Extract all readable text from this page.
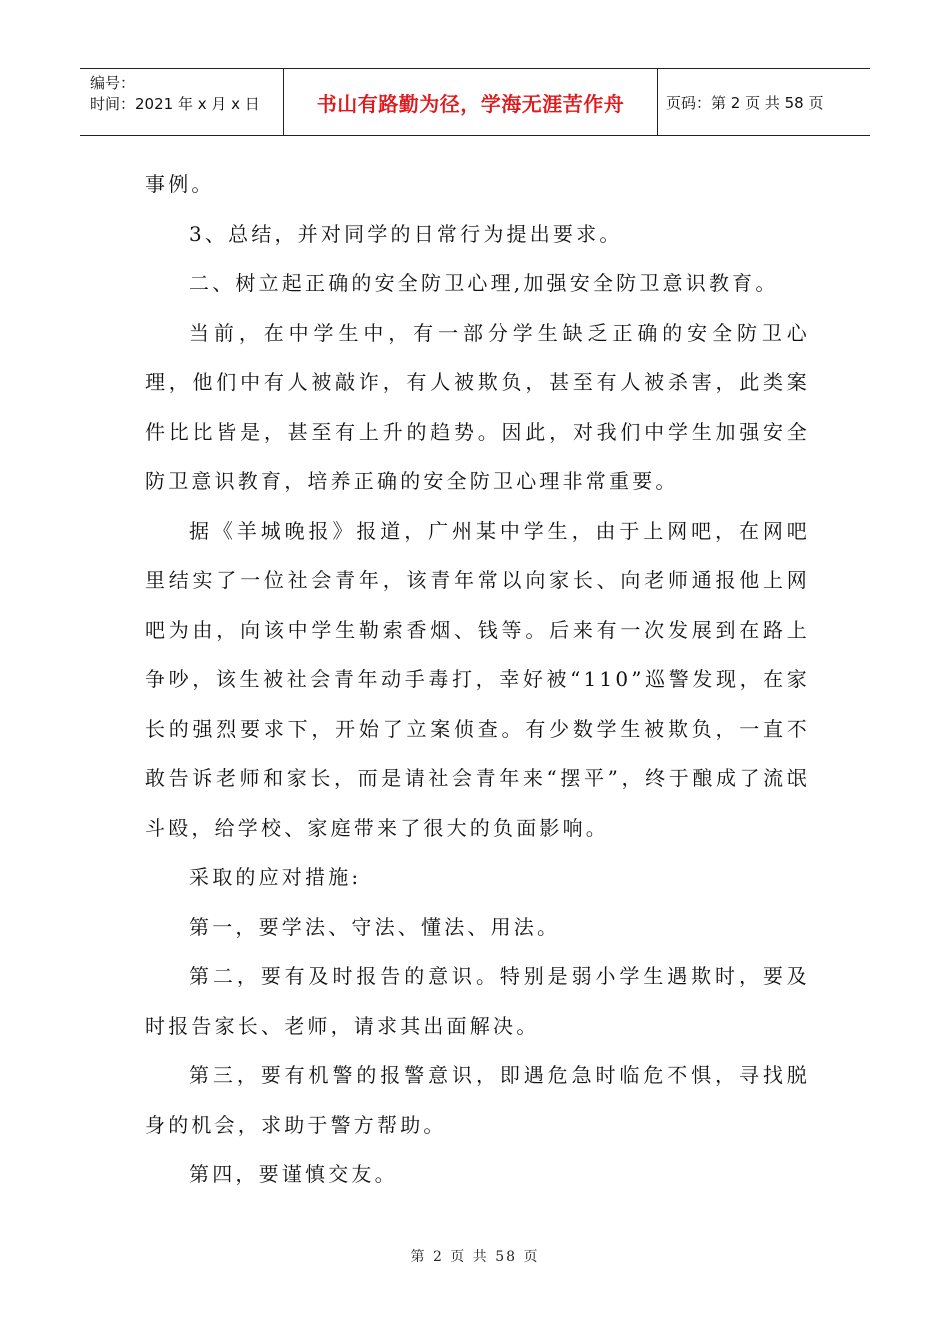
编号：
时间：2021 年 x 月 x 日	书山有路勤为径，学海无涯苦作舟	页码：第 2 页 共 58 页

事例。

3、总结，并对同学的日常行为提出要求。

二、树立起正确的安全防卫心理,加强安全防卫意识教育。

当前，在中学生中，有一部分学生缺乏正确的安全防卫心理，他们中有人被敲诈，有人被欺负，甚至有人被杀害，此类案件比比皆是，甚至有上升的趋势。因此，对我们中学生加强安全防卫意识教育，培养正确的安全防卫心理非常重要。

据《羊城晚报》报道，广州某中学生，由于上网吧，在网吧里结实了一位社会青年，该青年常以向家长、向老师通报他上网吧为由，向该中学生勒索香烟、钱等。后来有一次发展到在路上争吵，该生被社会青年动手毒打，幸好被“110”巡警发现，在家长的强烈要求下，开始了立案侦查。有少数学生被欺负，一直不敢告诉老师和家长，而是请社会青年来“摆平”，终于酿成了流氓斗殴，给学校、家庭带来了很大的负面影响。

采取的应对措施:

第一，要学法、守法、懂法、用法。

第二，要有及时报告的意识。特别是弱小学生遇欺时，要及时报告家长、老师，请求其出面解决。

第三，要有机警的报警意识，即遇危急时临危不惧，寻找脱身的机会，求助于警方帮助。

第四，要谨慎交友。

第 2 页 共 58 页
